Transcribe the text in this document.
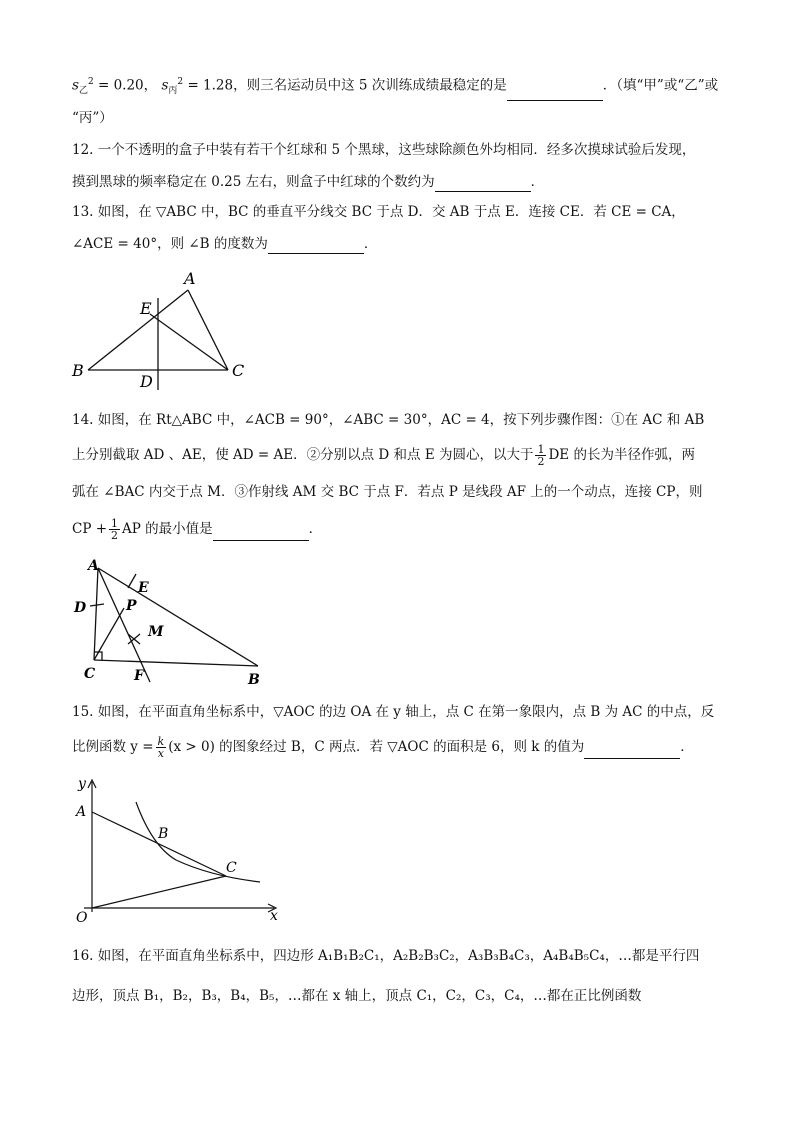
$s_乙^2 = 0.20$， $s_丙^2 = 1.28$，则三名运动员中这 5 次训练成绩最稳定的是	．（填“甲”或“乙”或
“丙”）
12. 一个不透明的盒子中装有若干个红球和 5 个黑球，这些球除颜色外均相同．经多次摸球试验后发现，
摸到黑球的频率稳定在 0.25 左右，则盒子中红球的个数约为	．
13. 如图，在 ▽ABC 中，BC 的垂直平分线交 BC 于点 D．交 AB 于点 E．连接 CE．若 CE = CA，
∠ACE = 40°，则 ∠B 的度数为	．
A
E
B
D
C
14. 如图，在 Rt△ABC 中，∠ACB = 90°，∠ABC = 30°，AC = 4，按下列步骤作图：①在 AC 和 AB
上分别截取 AD 、AE，使 AD = AE．②分别以点 D 和点 E 为圆心，以大于 $\frac{1}{2}$ DE 的长为半径作弧，两
弧在 ∠BAC 内交于点 M．③作射线 AM 交 BC 于点 F．若点 P 是线段 AF 上的一个动点，连接 CP，则
CP + $\frac{1}{2}$ AP 的最小值是	．
A
E
D	P
M
C	F	B
15. 如图，在平面直角坐标系中，▽AOC 的边 OA 在 y 轴上，点 C 在第一象限内，点 B 为 AC 的中点，反
比例函数 $y = \frac{k}{x} (x > 0)$ 的图象经过 B，C 两点．若 ▽AOC 的面积是 6，则 k 的值为	．
y
A
B
C
O	x
16. 如图，在平面直角坐标系中，四边形 A₁B₁B₂C₁，A₂B₂B₃C₂，A₃B₃B₄C₃，A₄B₄B₅C₄，…都是平行四
边形，顶点 B₁，B₂，B₃，B₄，B₅，…都在 x 轴上，顶点 C₁，C₂，C₃，C₄，…都在正比例函数
